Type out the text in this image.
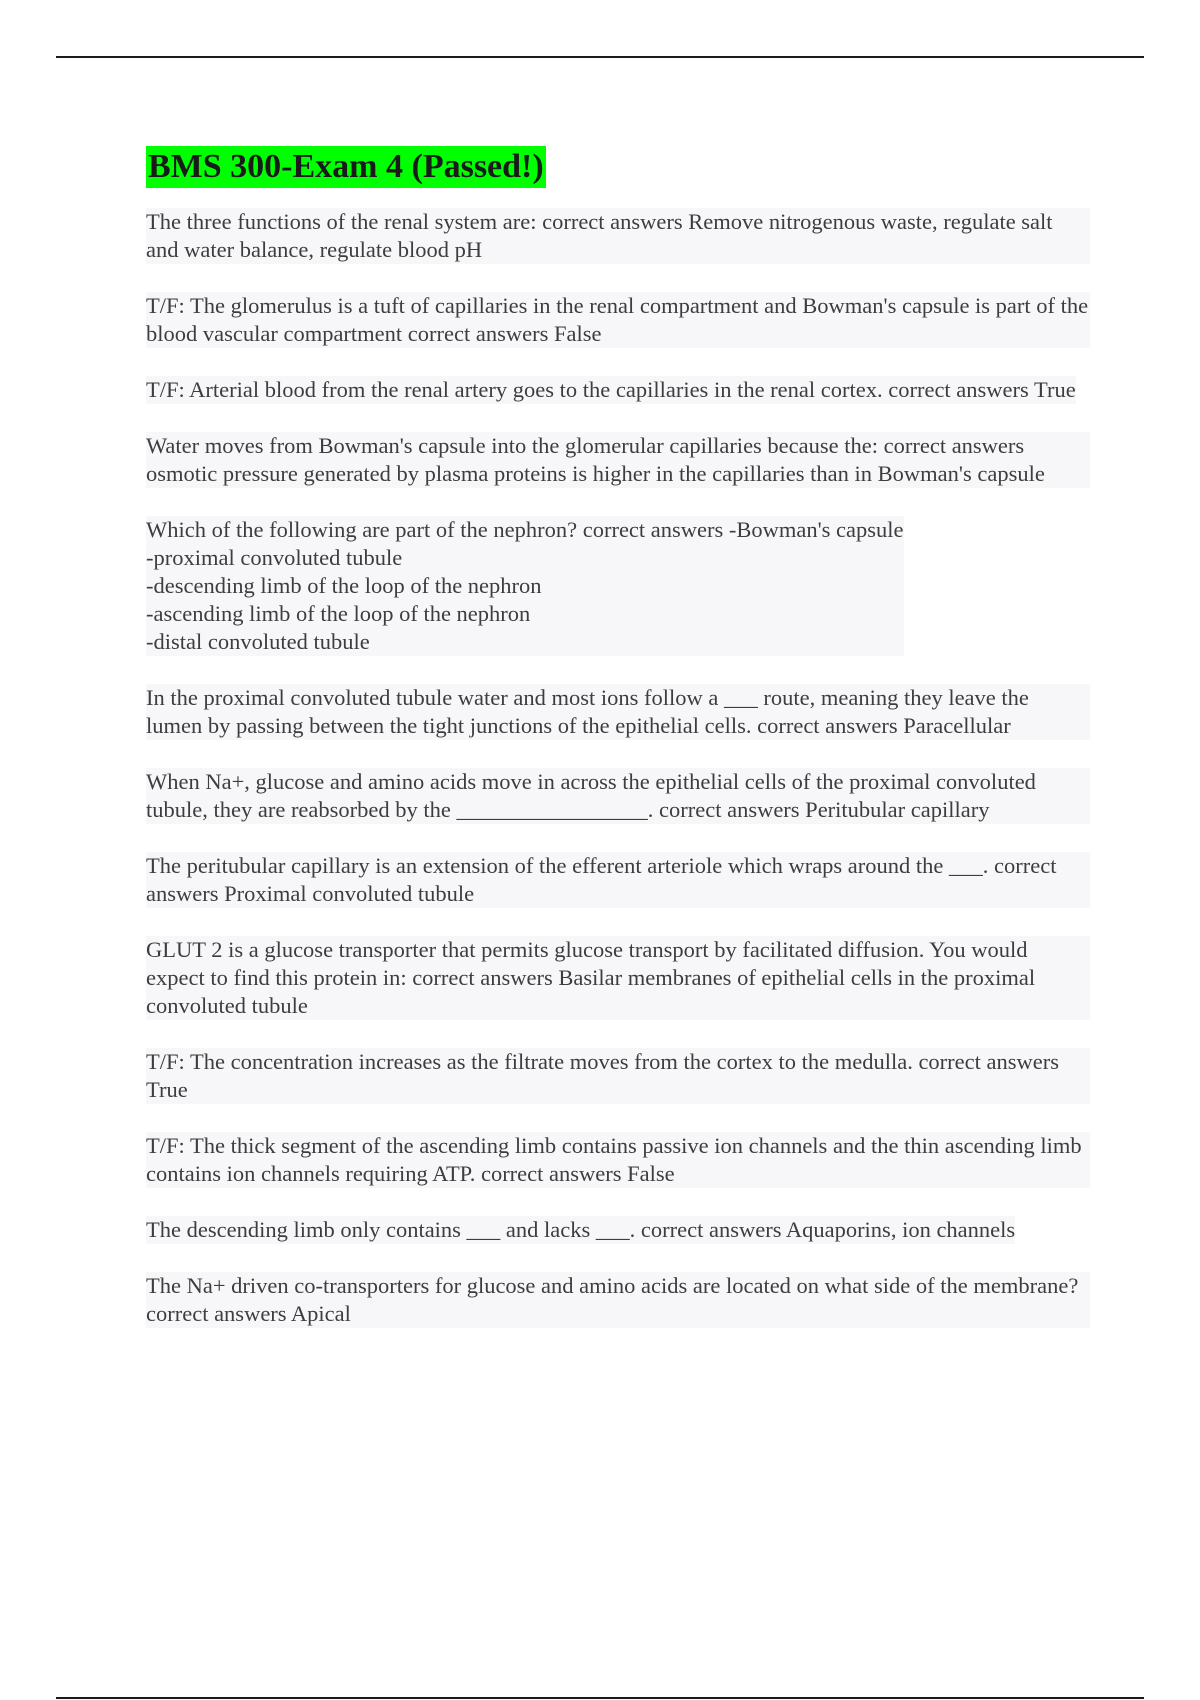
BMS 300-Exam 4 (Passed!)
The three functions of the renal system are: correct answers Remove nitrogenous waste, regulate salt and water balance, regulate blood pH
T/F: The glomerulus is a tuft of capillaries in the renal compartment and Bowman's capsule is part of the blood vascular compartment correct answers False
T/F: Arterial blood from the renal artery goes to the capillaries in the renal cortex. correct answers True
Water moves from Bowman's capsule into the glomerular capillaries because the: correct answers osmotic pressure generated by plasma proteins is higher in the capillaries than in Bowman's capsule
Which of the following are part of the nephron? correct answers -Bowman's capsule
-proximal convoluted tubule
-descending limb of the loop of the nephron
-ascending limb of the loop of the nephron
-distal convoluted tubule
In the proximal convoluted tubule water and most ions follow a ___ route, meaning they leave the lumen by passing between the tight junctions of the epithelial cells. correct answers Paracellular
When Na+, glucose and amino acids move in across the epithelial cells of the proximal convoluted tubule, they are reabsorbed by the _________________. correct answers Peritubular capillary
The peritubular capillary is an extension of the efferent arteriole which wraps around the ___. correct answers Proximal convoluted tubule
GLUT 2 is a glucose transporter that permits glucose transport by facilitated diffusion. You would expect to find this protein in: correct answers Basilar membranes of epithelial cells in the proximal convoluted tubule
T/F: The concentration increases as the filtrate moves from the cortex to the medulla. correct answers True
T/F: The thick segment of the ascending limb contains passive ion channels and the thin ascending limb contains ion channels requiring ATP. correct answers False
The descending limb only contains ___ and lacks ___. correct answers Aquaporins, ion channels
The Na+ driven co-transporters for glucose and amino acids are located on what side of the membrane? correct answers Apical
